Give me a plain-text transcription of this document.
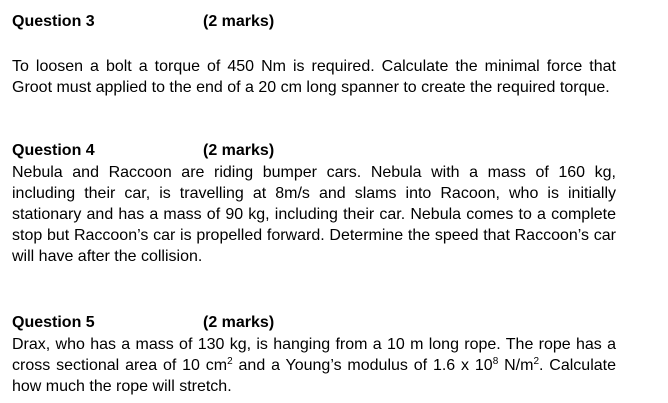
Question 3	(2 marks)
To loosen a bolt a torque of 450 Nm is required. Calculate the minimal force that Groot must applied to the end of a 20 cm long spanner to create the required torque.
Question 4	(2 marks)
Nebula and Raccoon are riding bumper cars. Nebula with a mass of 160 kg, including their car, is travelling at 8m/s and slams into Racoon, who is initially stationary and has a mass of 90 kg, including their car. Nebula comes to a complete stop but Raccoon’s car is propelled forward. Determine the speed that Raccoon’s car will have after the collision.
Question 5	(2 marks)
Drax, who has a mass of 130 kg, is hanging from a 10 m long rope. The rope has a cross sectional area of 10 $cm^2$ and a Young’s modulus of 1.6 x $10^8$ $N/m^2$. Calculate how much the rope will stretch.
